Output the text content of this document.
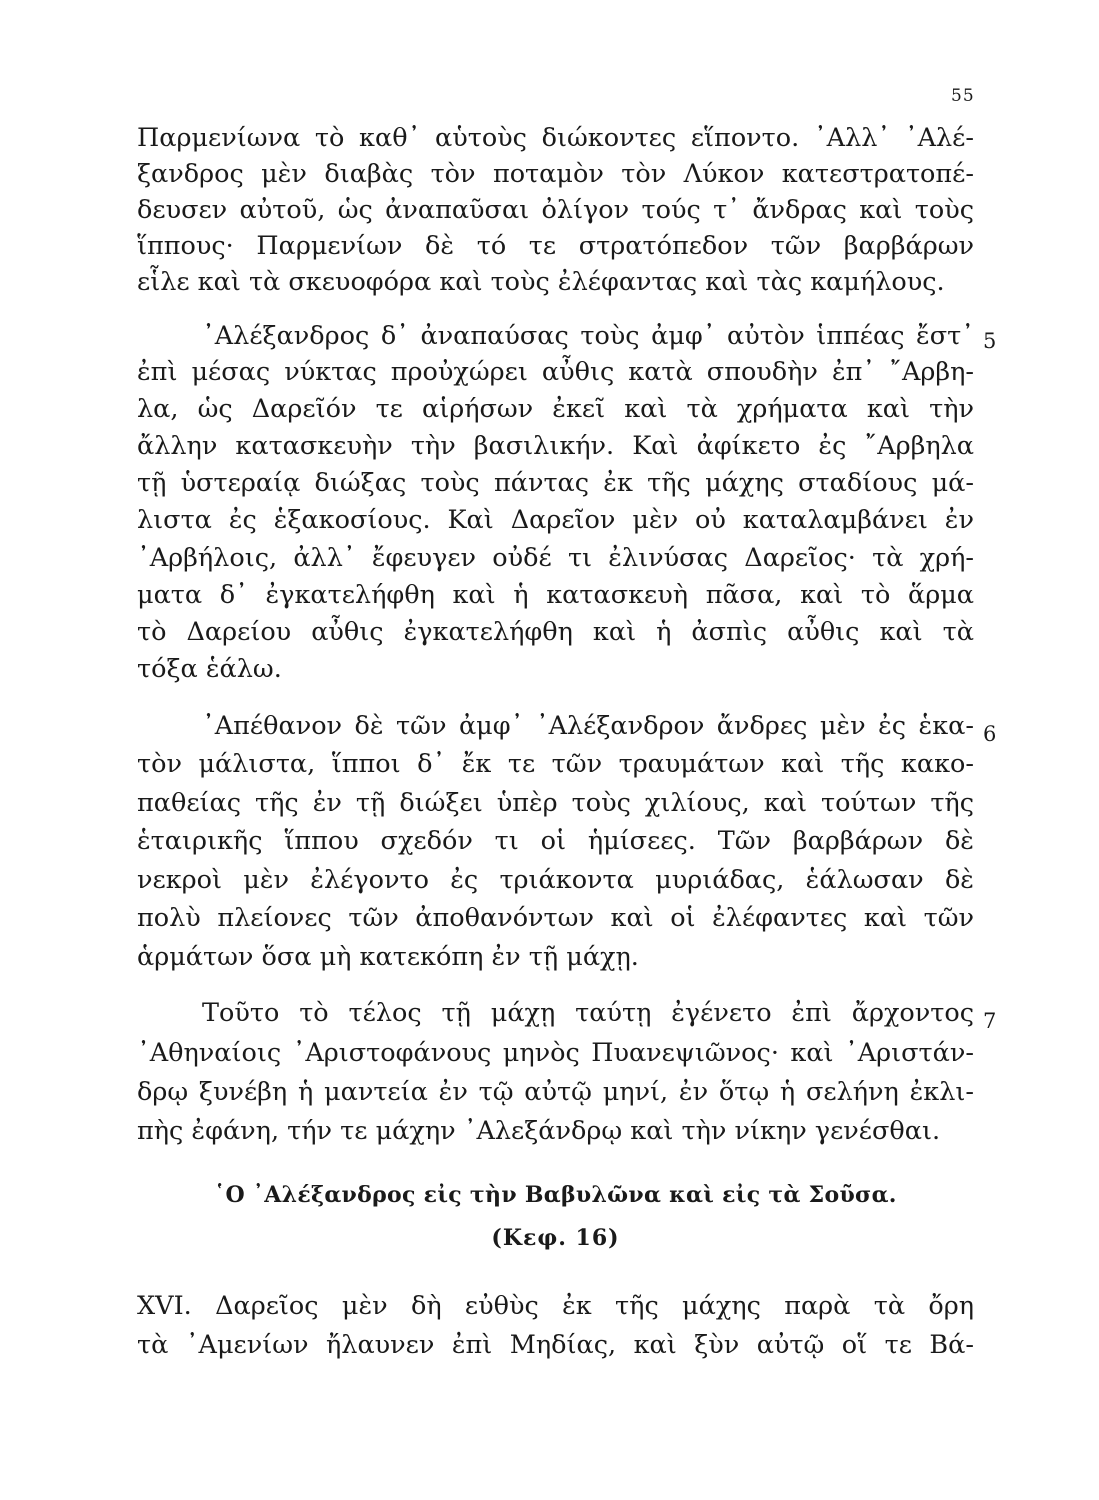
55
Παρμενίωνα τὸ καθ᾽ αὑτοὺς διώκοντες εἵποντο. ᾽Αλλ᾽ ᾽Αλέ-
ξανδρος μὲν διαβὰς τὸν ποταμὸν τὸν Λύκον κατεστρατοπέ-
δευσεν αὐτοῦ, ὡς ἀναπαῦσαι ὀλίγον τούς τ᾽ ἄνδρας καὶ τοὺς
ἵππους· Παρμενίων δὲ τό τε στρατόπεδον τῶν βαρβάρων
εἷλε καὶ τὰ σκευοφόρα καὶ τοὺς ἐλέφαντας καὶ τὰς καμήλους.
᾽Αλέξανδρος δ᾽ ἀναπαύσας τοὺς ἀμφ᾽ αὐτὸν ἱππέας ἔστ᾽ 5
ἐπὶ μέσας νύκτας προὐχώρει αὖθις κατὰ σπουδὴν ἐπ᾽ ῎Αρβη-
λα, ὡς Δαρεῖόν τε αἱρήσων ἐκεῖ καὶ τὰ χρήματα καὶ τὴν
ἄλλην κατασκευὴν τὴν βασιλικήν. Καὶ ἀφίκετο ἐς ῎Αρβηλα
τῇ ὑστεραίᾳ διώξας τοὺς πάντας ἐκ τῆς μάχης σταδίους μά-
λιστα ἐς ἑξακοσίους. Καὶ Δαρεῖον μὲν οὐ καταλαμβάνει ἐν
᾽Αρβήλοις, ἀλλ᾽ ἔφευγεν οὐδέ τι ἐλινύσας Δαρεῖος· τὰ χρή-
ματα δ᾽ ἐγκατελήφθη καὶ ἡ κατασκευὴ πᾶσα, καὶ τὸ ἅρμα
τὸ Δαρείου αὖθις ἐγκατελήφθη καὶ ἡ ἀσπὶς αὖθις καὶ τὰ
τόξα ἑάλω.
᾽Απέθανον δὲ τῶν ἀμφ᾽ ᾽Αλέξανδρον ἄνδρες μὲν ἐς ἑκα- 6
τὸν μάλιστα, ἵπποι δ᾽ ἔκ τε τῶν τραυμάτων καὶ τῆς κακο-
παθείας τῆς ἐν τῇ διώξει ὑπὲρ τοὺς χιλίους, καὶ τούτων τῆς
ἑταιρικῆς ἵππου σχεδόν τι οἱ ἡμίσεες. Τῶν βαρβάρων δὲ
νεκροὶ μὲν ἐλέγοντο ἐς τριάκοντα μυριάδας, ἑάλωσαν δὲ
πολὺ πλείονες τῶν ἀποθανόντων καὶ οἱ ἐλέφαντες καὶ τῶν
ἁρμάτων ὅσα μὴ κατεκόπη ἐν τῇ μάχῃ.
Τοῦτο τὸ τέλος τῇ μάχῃ ταύτῃ ἐγένετο ἐπὶ ἄρχοντος 7
᾽Αθηναίοις ᾽Αριστοφάνους μηνὸς Πυανεψιῶνος· καὶ ᾽Αριστάν-
δρῳ ξυνέβη ἡ μαντεία ἐν τῷ αὐτῷ μηνί, ἐν ὅτῳ ἡ σελήνη ἐκλι-
πὴς ἐφάνη, τήν τε μάχην ᾽Αλεξάνδρῳ καὶ τὴν νίκην γενέσθαι.
῾Ο ᾽Αλέξανδρος εἰς τὴν Βαβυλῶνα καὶ εἰς τὰ Σοῦσα.
(Κεφ. 16)
XVI. Δαρεῖος μὲν δὴ εὐθὺς ἐκ τῆς μάχης παρὰ τὰ ὄρη
τὰ ᾽Αμενίων ἤλαυνεν ἐπὶ Μηδίας, καὶ ξὺν αὐτῷ οἵ τε Βά-
